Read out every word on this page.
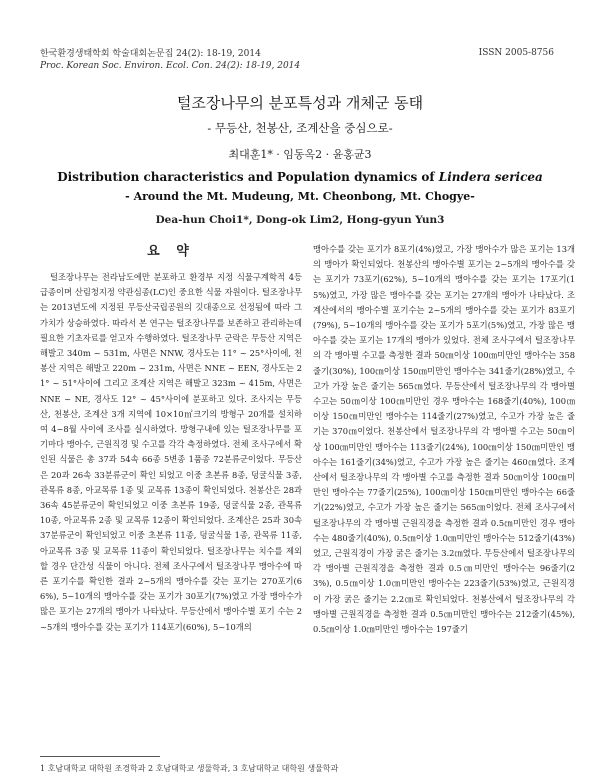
한국환경생태학회 학술대회논문집 24(2): 18-19, 2014
Proc. Korean Soc. Environ. Ecol. Con. 24(2): 18-19, 2014
ISSN 2005-8756
털조장나무의 분포특성과 개체군 동태
- 무등산, 천봉산, 조계산을 중심으로-
최대훈1* · 임동옥2 · 윤홍균3
Distribution characteristics and Population dynamics of Lindera sericea
- Around the Mt. Mudeung, Mt. Cheonbong, Mt. Chogye-
Dea-hun Choi1*, Dong-ok Lim2, Hong-gyun Yun3
요 약

털조장나무는 전라남도에만 분포하고 환경부 지정 식물구계학적 4등급종이며 산림청지정 약관심종(LC)인 중요한 식물 자원이다. 털조장나무는 2013년도에 지정된 무등산국립공원의 깃대종으로 선정됨에 따라 그 가치가 상승하였다. 따라서 본 연구는 털조장나무를 보존하고 관리하는데 필요한 기초자료를 얻고자 수행하였다. 털조장나무 군락은 무등산 지역은 해발고 340m ~ 531m, 사면은 NNW, 경사도는 11° ~ 25°사이에, 천봉산 지역은 해발고 220m ~ 231m, 사면은 NNE ~ EEN, 경사도는 21° ~ 51°사이에 그리고 조계산 지역은 해발고 323m ~ 415m, 사면은 NNE ~ NE, 경사도 12° ~ 45°사이에 분포하고 있다. 조사지는 무등산, 천봉산, 조계산 3개 지역에 10×10㎡크기의 방형구 20개를 설치하여 4~8월 사이에 조사를 실시하였다. 방형구내에 있는 털조장나무를 포기마다 맹아수, 근원직경 및 수고를 각각 측정하였다. 전체 조사구에서 확인된 식물은 총 37과 54속 66종 5변종 1품종 72분류군이었다. 무등산은 20과 26속 33분류군이 확인 되었고 이중 초본류 8종, 덩굴식물 3종, 관목류 8종, 아교목류 1종 및 교목류 13종이 확인되었다. 천봉산은 28과 36속 45분류군이 확인되었고 이중 초본류 19종, 덩굴식물 2종, 관목류 10종, 아교목류 2종 및 교목류 12종이 확인되었다. 조계산은 25과 30속 37분류군이 확인되었고 이중 초본류 11종, 덩굴식물 1종, 관목류 11종, 아교목류 3종 및 교목류 11종이 확인되었다. 털조장나무는 치수를 제외 할 경우 단간성 식물이 아니다. 전체 조사구에서 털조장나무 맹아수에 따른 포기수를 확인한 결과 2~5개의 맹아수를 갖는 포기는 270포기(66%), 5~10개의 맹아수를 갖는 포기가 30포기(7%)였고 가장 맹아수가 많은 포기는 27개의 맹아가 나타났다. 무등산에서 맹아수별 포기 수는 2~5개의 맹아수를 갖는 포기가 114포기(60%), 5~10개의

맹아수를 갖는 포기가 8포기(4%)였고, 가장 맹아수가 많은 포기는 13개의 맹아가 확인되었다. 천봉산의 맹아수별 포기는 2~5개의 맹아수를 갖는 포기가 73포기(62%), 5~10개의 맹아수를 갖는 포기는 17포기(15%)였고, 가장 많은 맹아수를 갖는 포기는 27개의 맹아가 나타났다. 조계산에서의 맹아수별 포기수는 2~5개의 맹아수를 갖는 포기가 83포기(79%), 5~10개의 맹아수를 갖는 포기가 5포기(5%)였고, 가장 많은 맹아수를 갖는 포기는 17개의 맹아가 있었다. 전체 조사구에서 털조장나무의 각 맹아별 수고를 측정한 결과 50㎝이상 100㎝미만인 맹아수는 358줄기(30%), 100㎝이상 150㎝미만인 맹아수는 341줄기(28%)였고, 수고가 가장 높은 줄기는 565㎝였다. 무등산에서 털조장나무의 각 맹아별 수고는 50㎝이상 100㎝미만인 경우 맹아수는 168줄기(40%), 100㎝이상 150㎝미만인 맹아수는 114줄기(27%)였고, 수고가 가장 높은 줄기는 370㎝이었다. 천봉산에서 털조장나무의 각 맹아별 수고는 50㎝이상 100㎝미만인 맹아수는 113줄기(24%), 100㎝이상 150㎝미만인 맹아수는 161줄기(34%)였고, 수고가 가장 높은 줄기는 460㎝였다. 조계산에서 털조장나무의 각 맹아별 수고를 측정한 결과 50㎝이상 100㎝미만인 맹아수는 77줄기(25%), 100㎝이상 150㎝미만인 맹아수는 66줄기(22%)였고, 수고가 가장 높은 줄기는 565㎝이었다. 전체 조사구에서 털조장나무의 각 맹아별 근원직경을 측정한 결과 0.5㎝미만인 경우 맹아수는 480줄기(40%), 0.5㎝이상 1.0㎝미만인 맹아수는 512줄기(43%)였고, 근원직경이 가장 굵은 줄기는 3.2㎝였다. 무등산에서 털조장나무의 각 맹아별 근원직경을 측정한 결과 0.5㎝미만인 맹아수는 96줄기(23%), 0.5㎝이상 1.0㎝미만인 맹아수는 223줄기(53%)였고, 근원직경이 가장 굵은 줄기는 2.2㎝로 확인되었다. 천봉산에서 털조장나무의 각 맹아별 근원직경을 측정한 결과 0.5㎝미만인 맹아수는 212줄기(45%), 0.5㎝이상 1.0㎝미만인 맹아수는 197줄기

1 호남대학교 대학원 조경학과 2 호남대학교 생물학과, 3 호남대학교 대학원 생물학과
